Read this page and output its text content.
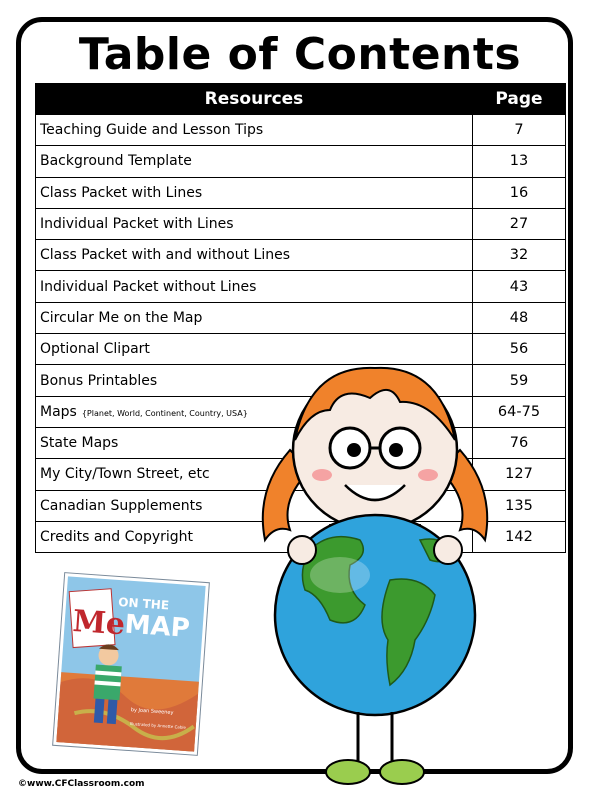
Table of Contents
Resources	Page
Teaching Guide and Lesson Tips	7
Background Template	13
Class Packet with Lines	16
Individual Packet with Lines	27
Class Packet with and without Lines	32
Individual Packet without Lines	43
Circular Me on the Map	48
Optional Clipart	56
Bonus Printables	59
Maps {Planet, World, Continent, Country, USA}	64-75
State Maps	76
My City/Town Street, etc	127
Canadian Supplements	135
Credits and Copyright	142
Me
ON THE
MAP
by Joan Sweeney
Illustrated by Annette Cable
©www.CFClassroom.com
